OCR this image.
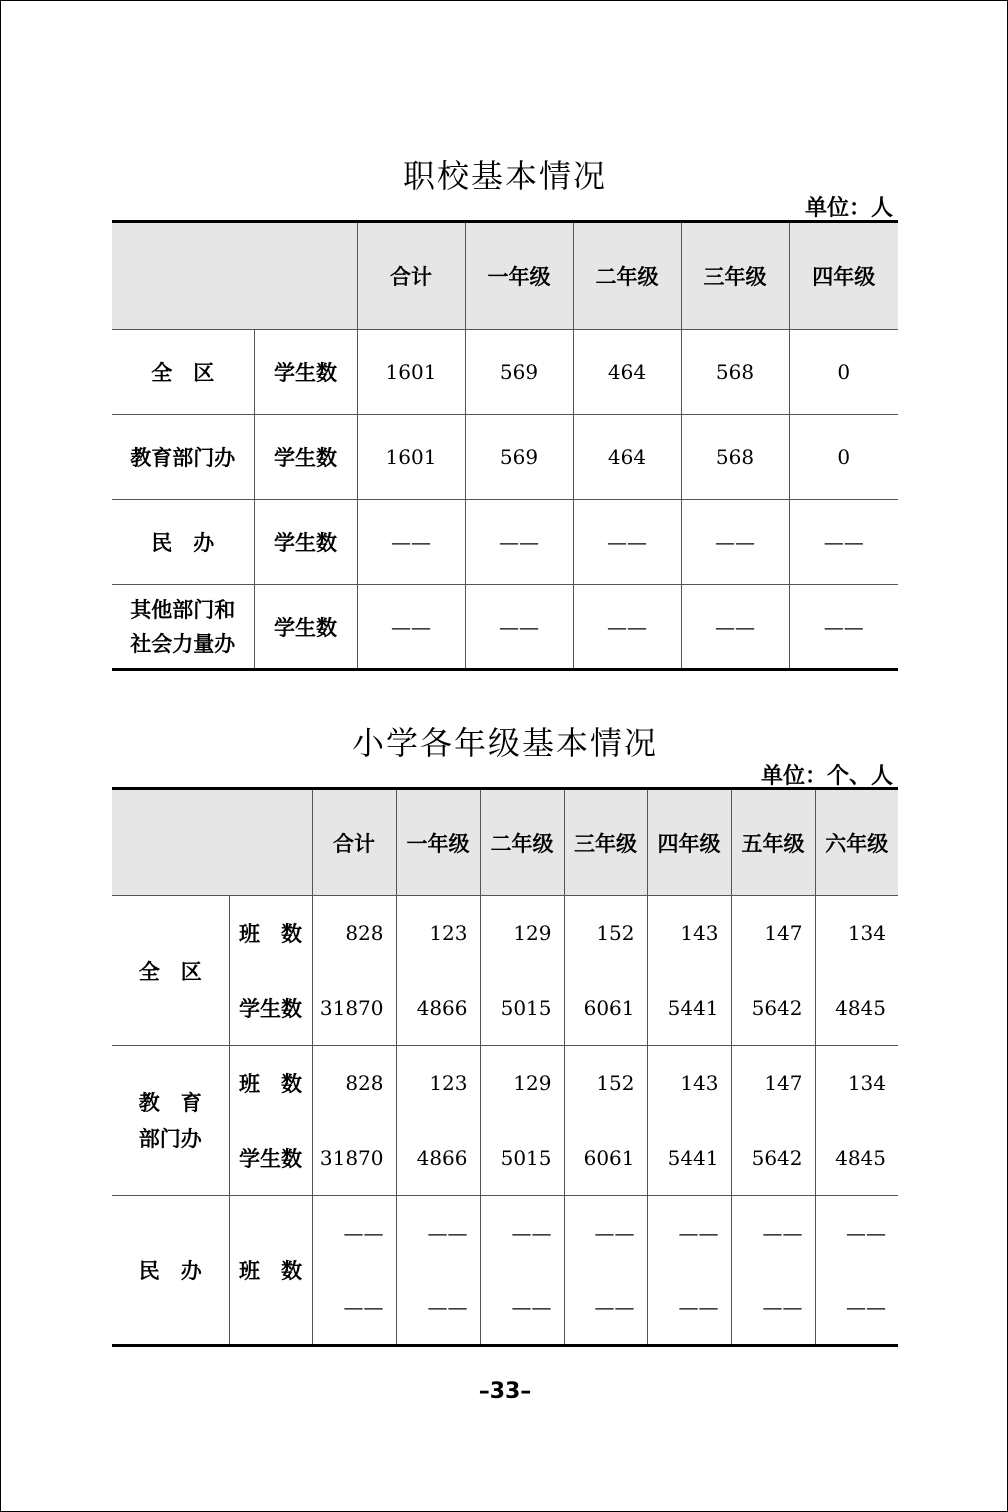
职校基本情况
单位：人
		合计	一年级	二年级	三年级	四年级
全　区	学生数	1601	569	464	568	0
教育部门办	学生数	1601	569	464	568	0
民　办	学生数	——	——	——	——	——

其他部门和
社会力量办	学生数	——	——	——	——	——
小学各年级基本情况
单位：个、人
		合计	一年级	二年级	三年级	四年级	五年级	六年级
全　区	班　数	828	123	129	152	143	147	134
	学生数	31870	4866	5015	6061	5441	5642	4845

教　育
部门办	班　数	828	123	129	152	143	147	134
	学生数	31870	4866	5015	6061	5441	5642	4845
民　办	班　数	——	——	——	——	——	——	——
		——	——	——	——	——	——	——
–33–
